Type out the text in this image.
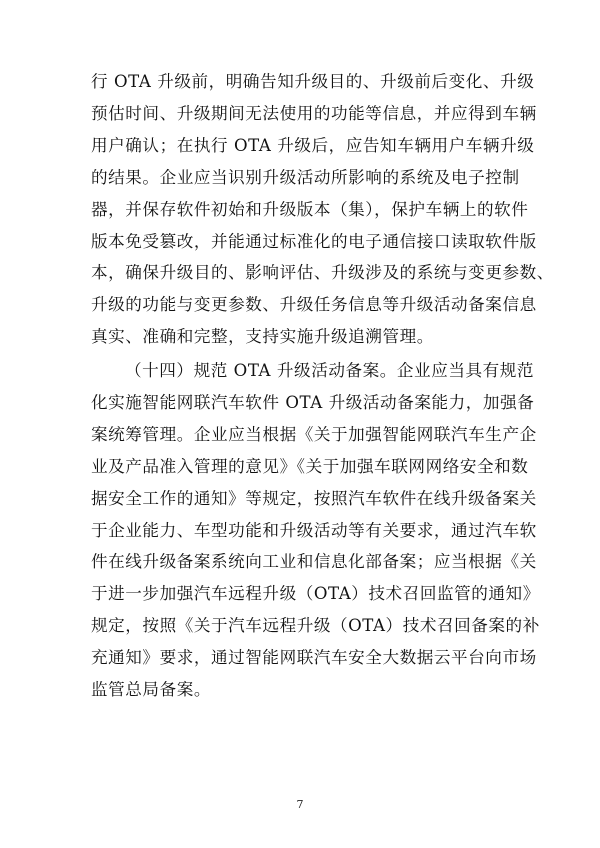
行 OTA 升级前，明确告知升级目的、升级前后变化、升级
预估时间、升级期间无法使用的功能等信息，并应得到车辆
用户确认；在执行 OTA 升级后，应告知车辆用户车辆升级
的结果。企业应当识别升级活动所影响的系统及电子控制
器，并保存软件初始和升级版本（集），保护车辆上的软件
版本免受篡改，并能通过标准化的电子通信接口读取软件版
本，确保升级目的、影响评估、升级涉及的系统与变更参数、
升级的功能与变更参数、升级任务信息等升级活动备案信息
真实、准确和完整，支持实施升级追溯管理。
（十四）规范 OTA 升级活动备案。企业应当具有规范
化实施智能网联汽车软件 OTA 升级活动备案能力，加强备
案统筹管理。企业应当根据《关于加强智能网联汽车生产企
业及产品准入管理的意见》《关于加强车联网网络安全和数
据安全工作的通知》等规定，按照汽车软件在线升级备案关
于企业能力、车型功能和升级活动等有关要求，通过汽车软
件在线升级备案系统向工业和信息化部备案；应当根据《关
于进一步加强汽车远程升级（OTA）技术召回监管的通知》
规定，按照《关于汽车远程升级（OTA）技术召回备案的补
充通知》要求，通过智能网联汽车安全大数据云平台向市场
监管总局备案。
7
